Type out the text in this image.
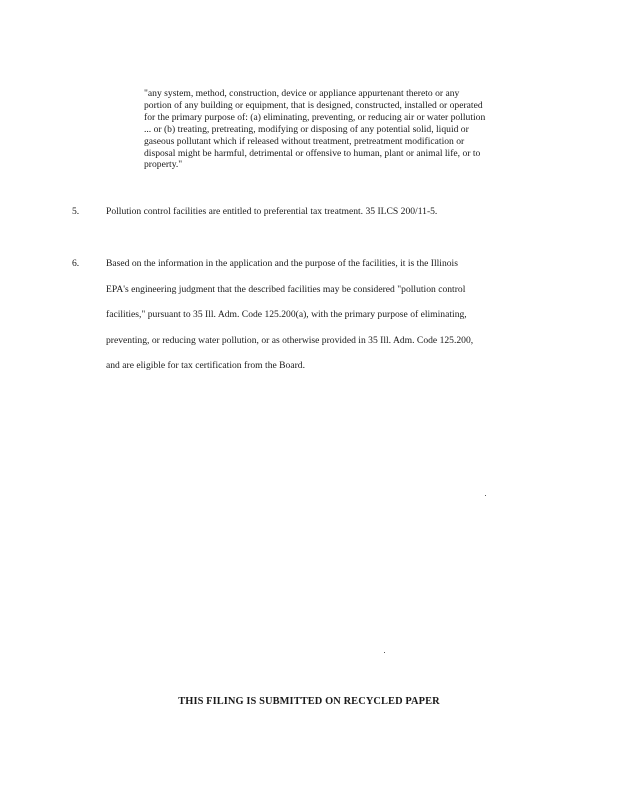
"any system, method, construction, device or appliance appurtenant thereto or any
portion of any building or equipment, that is designed, constructed, installed or operated
for the primary purpose of: (a) eliminating, preventing, or reducing air or water pollution
... or (b) treating, pretreating, modifying or disposing of any potential solid, liquid or
gaseous pollutant which if released without treatment, pretreatment modification or
disposal might be harmful, detrimental or offensive to human, plant or animal life, or to
property."
5.	Pollution control facilities are entitled to preferential tax treatment. 35 ILCS 200/11-5.
6.	Based on the information in the application and the purpose of the facilities, it is the Illinois
EPA's engineering judgment that the described facilities may be considered "pollution control
facilities," pursuant to 35 Ill. Adm. Code 125.200(a), with the primary purpose of eliminating,
preventing, or reducing water pollution, or as otherwise provided in 35 Ill. Adm. Code 125.200,
and are eligible for tax certification from the Board.
THIS FILING IS SUBMITTED ON RECYCLED PAPER
